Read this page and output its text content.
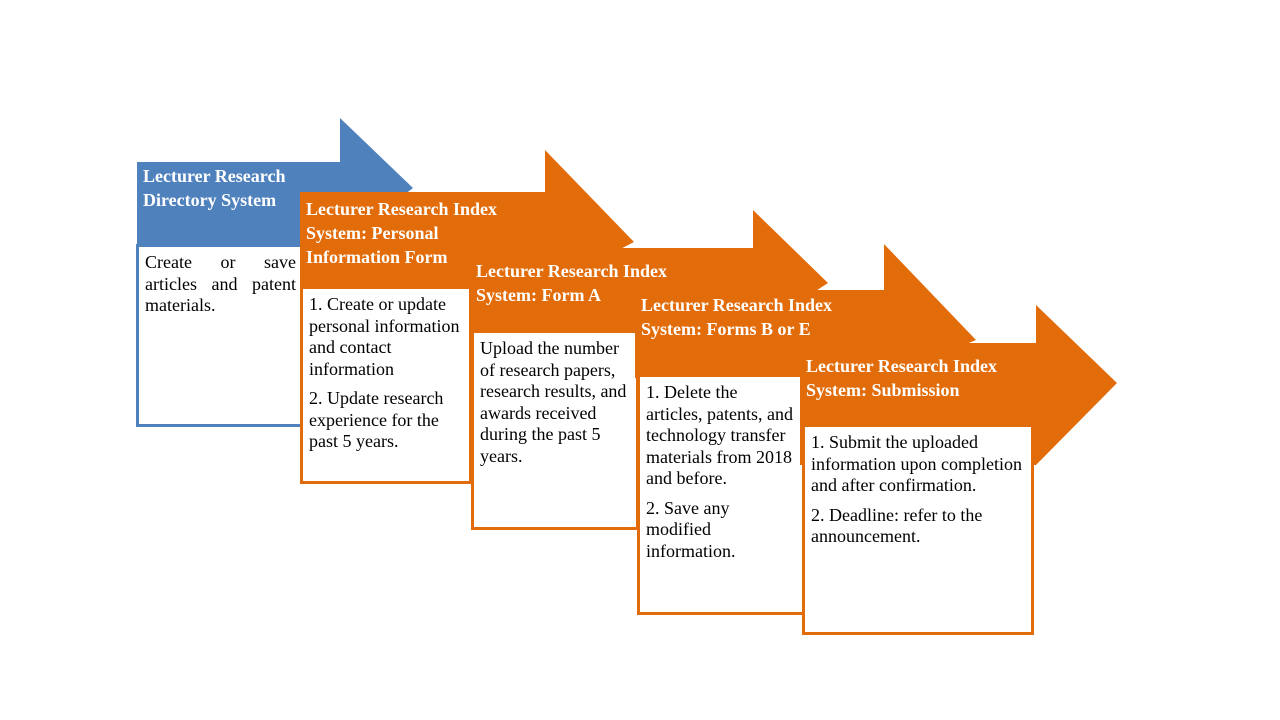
Lecturer Research Directory System

Create or save articles and patent materials.

Lecturer Research Index System: Personal Information Form

1. Create or update personal information and contact information

2. Update research experience for the past 5 years.

Lecturer Research Index System: Form A

Upload the number of research papers, research results, and awards received during the past 5 years.

Lecturer Research Index System: Forms B or E

1. Delete the articles, patents, and technology transfer materials from 2018 and before.

2. Save any modified information.

Lecturer Research Index System: Submission

1. Submit the uploaded information upon completion and after confirmation.

2. Deadline: refer to the announcement.
